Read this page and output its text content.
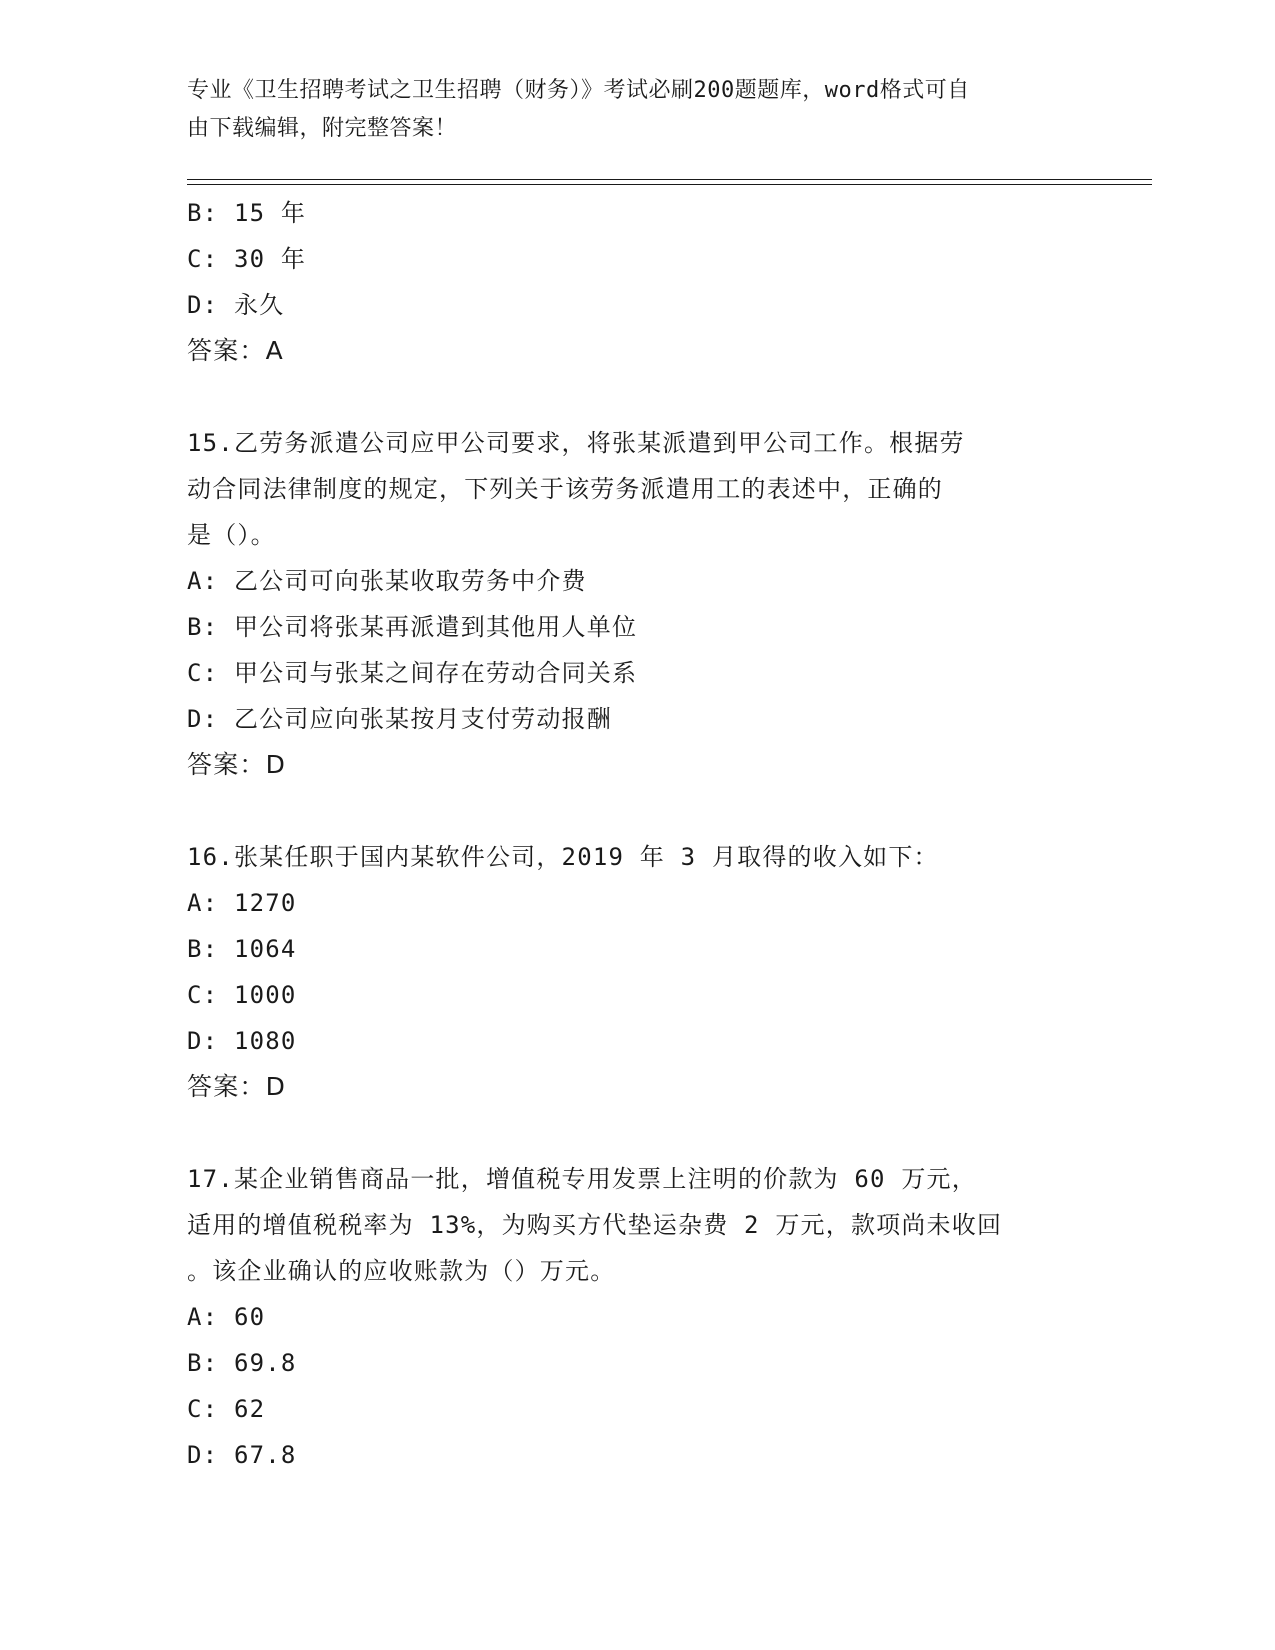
专业《卫生招聘考试之卫生招聘（财务）》考试必刷200题题库，word格式可自
由下载编辑，附完整答案！
B: 15 年
C: 30 年
D: 永久
答案：A
15.乙劳务派遣公司应甲公司要求，将张某派遣到甲公司工作。根据劳
动合同法律制度的规定，下列关于该劳务派遣用工的表述中，正确的
是（）。
A: 乙公司可向张某收取劳务中介费
B: 甲公司将张某再派遣到其他用人单位
C: 甲公司与张某之间存在劳动合同关系
D: 乙公司应向张某按月支付劳动报酬
答案：D
16.张某任职于国内某软件公司，2019 年 3 月取得的收入如下：
A: 1270
B: 1064
C: 1000
D: 1080
答案：D
17.某企业销售商品一批，增值税专用发票上注明的价款为 60 万元，
适用的增值税税率为 13%，为购买方代垫运杂费 2 万元，款项尚未收回
。该企业确认的应收账款为（）万元。
A: 60
B: 69.8
C: 62
D: 67.8
